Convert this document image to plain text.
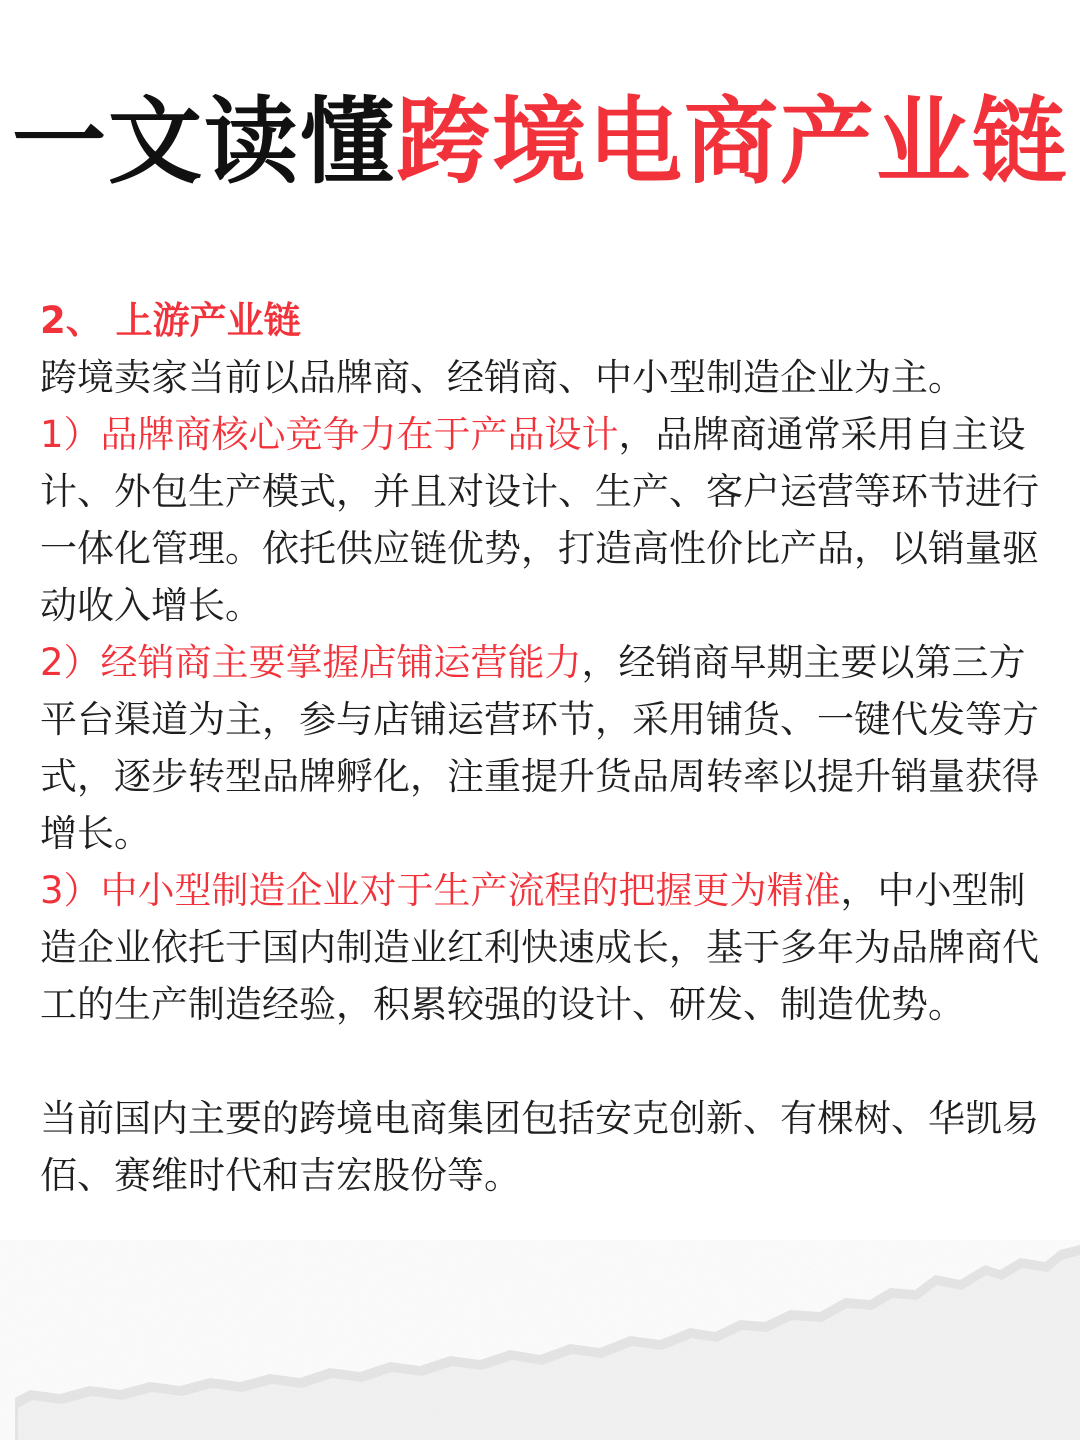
一文读懂跨境电商产业链

2、 上游产业链

跨境卖家当前以品牌商、经销商、中小型制造企业为主。

1）品牌商核心竞争力在于产品设计，品牌商通常采用自主设计、外包生产模式，并且对设计、生产、客户运营等环节进行一体化管理。依托供应链优势，打造高性价比产品，以销量驱动收入增长。

2）经销商主要掌握店铺运营能力，经销商早期主要以第三方平台渠道为主，参与店铺运营环节，采用铺货、一键代发等方式，逐步转型品牌孵化，注重提升货品周转率以提升销量获得增长。

3）中小型制造企业对于生产流程的把握更为精准，中小型制造企业依托于国内制造业红利快速成长，基于多年为品牌商代工的生产制造经验，积累较强的设计、研发、制造优势。

当前国内主要的跨境电商集团包括安克创新、有棵树、华凯易佰、赛维时代和吉宏股份等。
